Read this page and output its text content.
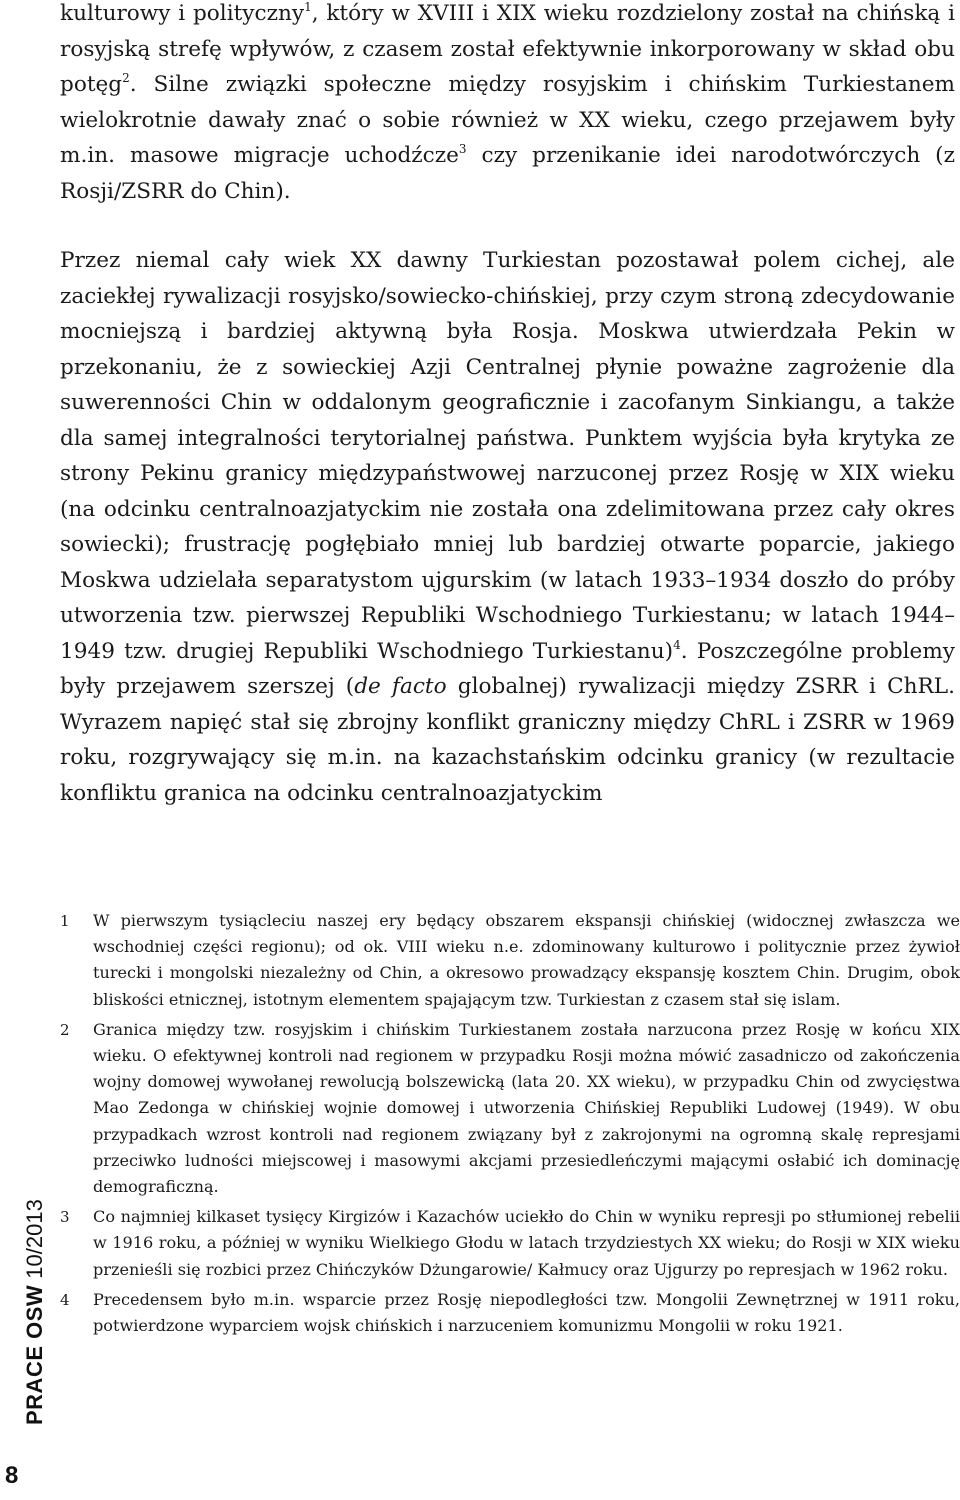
kulturowy i polityczny$^1$, który w XVIII i XIX wieku rozdzielony został na chińską i rosyjską strefę wpływów, z czasem został efektywnie inkorporowany w skład obu potęg$^2$. Silne związki społeczne między rosyjskim i chińskim Turkiestanem wielokrotnie dawały znać o sobie również w XX wieku, czego przejawem były m.in. masowe migracje uchodźcze$^3$ czy przenikanie idei narodotwórczych (z Rosji/ZSRR do Chin).

Przez niemal cały wiek XX dawny Turkiestan pozostawał polem cichej, ale zaciekłej rywalizacji rosyjsko/sowiecko-chińskiej, przy czym stroną zdecydowanie mocniejszą i bardziej aktywną była Rosja. Moskwa utwierdzała Pekin w przekonaniu, że z sowieckiej Azji Centralnej płynie poważne zagrożenie dla suwerenności Chin w oddalonym geograficznie i zacofanym Sinkiangu, a także dla samej integralności terytorialnej państwa. Punktem wyjścia była krytyka ze strony Pekinu granicy międzypaństwowej narzuconej przez Rosję w XIX wieku (na odcinku centralnoazjatyckim nie została ona zdelimitowana przez cały okres sowiecki); frustrację pogłębiało mniej lub bardziej otwarte poparcie, jakiego Moskwa udzielała separatystom ujgurskim (w latach 1933–1934 doszło do próby utworzenia tzw. pierwszej Republiki Wschodniego Turkiestanu; w latach 1944–1949 tzw. drugiej Republiki Wschodniego Turkiestanu)$^4$. Poszczególne problemy były przejawem szerszej (de facto globalnej) rywalizacji między ZSRR i ChRL. Wyrazem napięć stał się zbrojny konflikt graniczny między ChRL i ZSRR w 1969 roku, rozgrywający się m.in. na kazachstańskim odcinku granicy (w rezultacie konfliktu granica na odcinku centralnoazjatyckim

1	W pierwszym tysiącleciu naszej ery będący obszarem ekspansji chińskiej (widocznej zwłaszcza we wschodniej części regionu); od ok. VIII wieku n.e. zdominowany kulturowo i politycznie przez żywioł turecki i mongolski niezależny od Chin, a okresowo prowadzący ekspansję kosztem Chin. Drugim, obok bliskości etnicznej, istotnym elementem spajającym tzw. Turkiestan z czasem stał się islam.
2	Granica między tzw. rosyjskim i chińskim Turkiestanem została narzucona przez Rosję w końcu XIX wieku. O efektywnej kontroli nad regionem w przypadku Rosji można mówić zasadniczo od zakończenia wojny domowej wywołanej rewolucją bolszewicką (lata 20. XX wieku), w przypadku Chin od zwycięstwa Mao Zedonga w chińskiej wojnie domowej i utworzenia Chińskiej Republiki Ludowej (1949). W obu przypadkach wzrost kontroli nad regionem związany był z zakrojonymi na ogromną skalę represjami przeciwko ludności miejscowej i masowymi akcjami przesiedleńczymi mającymi osłabić ich dominację demograficzną.
3	Co najmniej kilkaset tysięcy Kirgizów i Kazachów uciekło do Chin w wyniku represji po stłumionej rebelii w 1916 roku, a później w wyniku Wielkiego Głodu w latach trzydziestych XX wieku; do Rosji w XIX wieku przenieśli się rozbici przez Chińczyków Dżungarowie/ Kałmucy oraz Ujgurzy po represjach w 1962 roku.
4	Precedensem było m.in. wsparcie przez Rosję niepodległości tzw. Mongolii Zewnętrznej w 1911 roku, potwierdzone wyparciem wojsk chińskich i narzuceniem komunizmu Mongolii w roku 1921.
PRACE OSW 10/2013
8
